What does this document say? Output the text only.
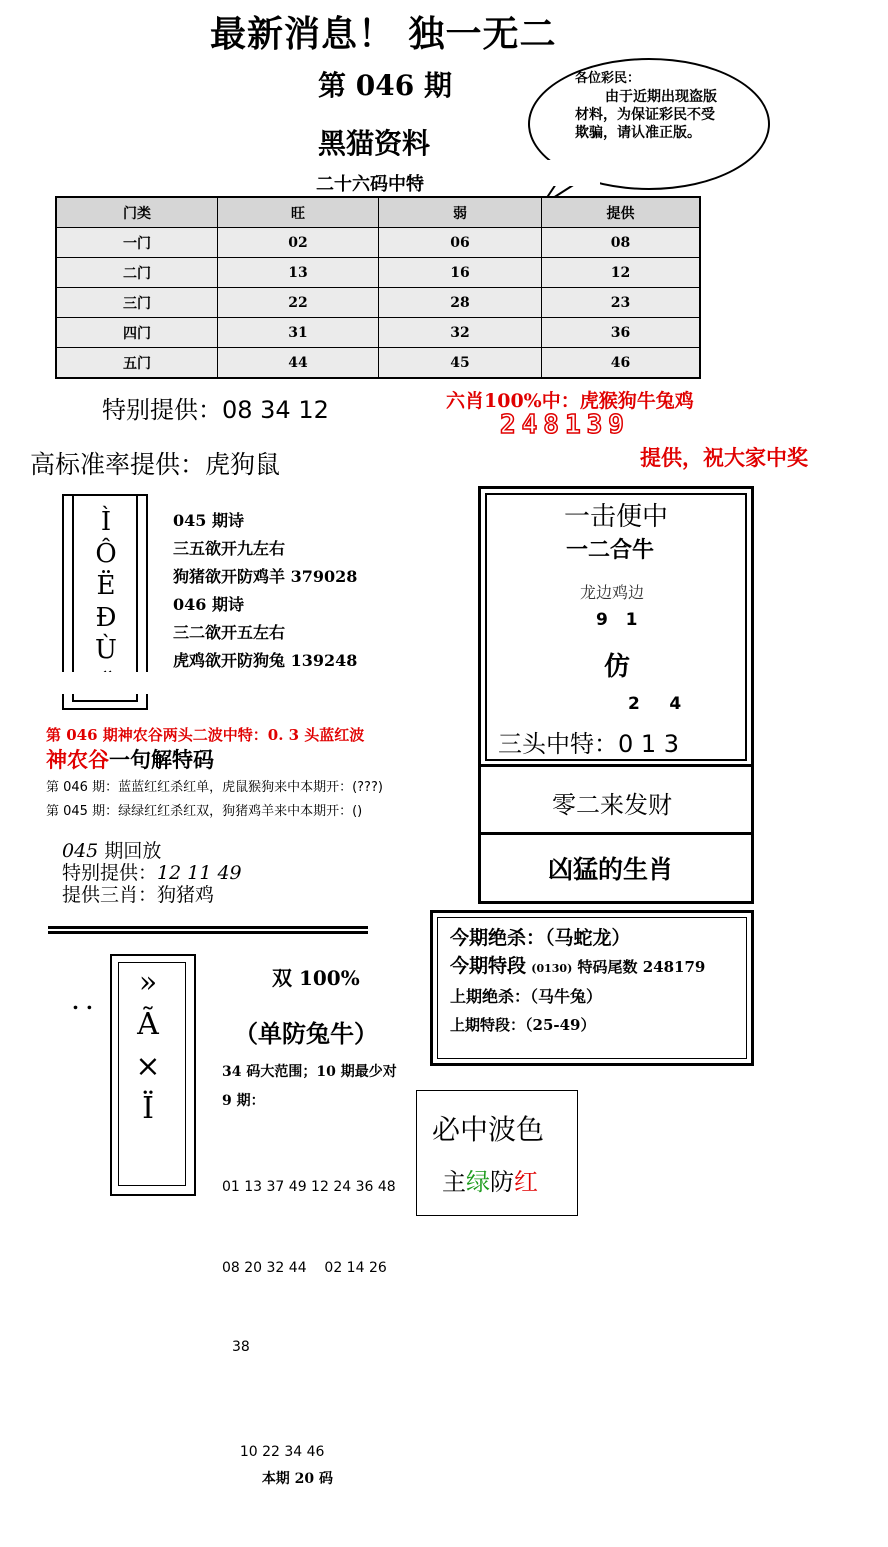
最新消息！ 独一无二
第 046 期
黑猫资料
二十六码中特
各位彩民：
由于近期出现盗版材料，为保证彩民不受欺骗，请认准正版。
门类	旺	弱	提供
一门	02	06	08
二门	13	16	12
三门	22	28	23
四门	31	32	36
五门	44	45	46
特别提供：08 34 12	六肖100%中：虎猴狗牛兔鸡
248139
高标准率提供：虎狗鼠	提供，祝大家中奖
Ì
Ô
Ë
Ð
Ù
045 期诗
三五欲开九左右
狗猪欲开防鸡羊 379028
046 期诗
三二欲开五左右
虎鸡欲开防狗兔 139248
一击便中
一二合牛
龙边鸡边
9   1
仿
2     4
三头中特：0 1 3
零二来发财
凶猛的生肖
第 046 期神农谷两头二波中特：0. 3 头蓝红波
神农谷一句解特码
第 046 期：蓝蓝红红杀红单，虎鼠猴狗来中本期开：(???)
第 045 期：绿绿红红杀红双，狗猪鸡羊来中本期开：()
045 期回放
特别提供：12 11 49
提供三肖：狗猪鸡
今期绝杀：（马蛇龙）
今期特段 (0130) 特码尾数 248179
上期绝杀：（马牛兔）
上期特段：（25-49）
. .
»
Ã
×
Ï
双 100%
（单防兔牛）
34 码大范围；10 期最少对
9 期：

01 13 37 49 12 24 36 48

08 20 32 44    02 14 26

38

10 22 34 46
本期 20 码

必中波色
主绿防红
